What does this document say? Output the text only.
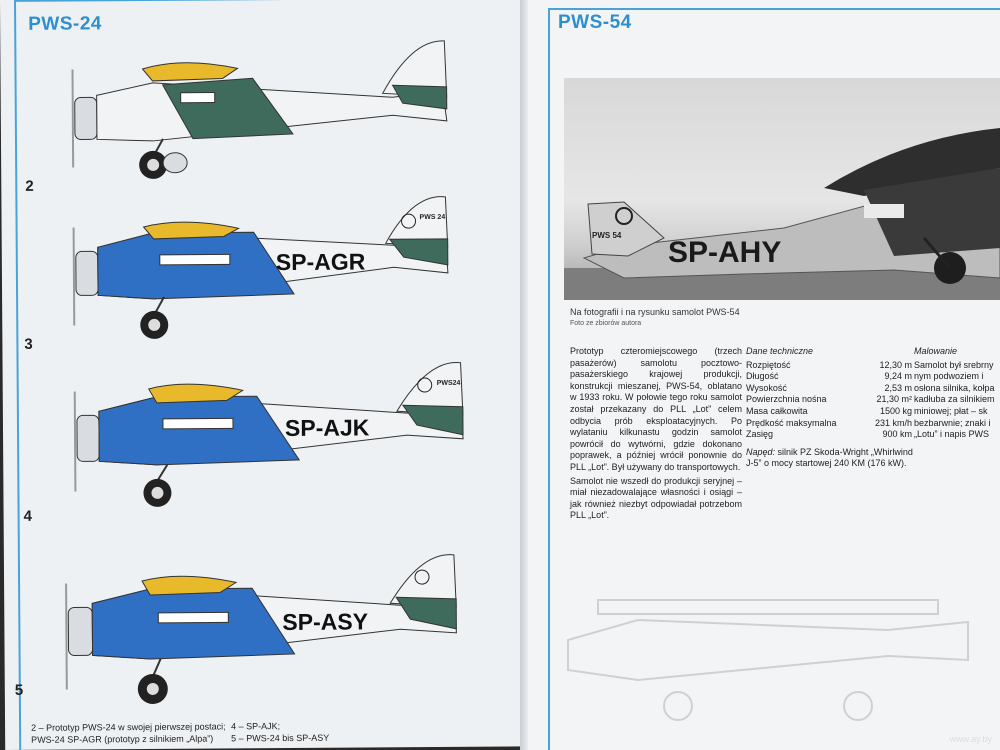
PWS-24
2
3
4
5
PWS 24
SP-AGR
PWS24
SP-AJK
SP-ASY
2 – Prototyp PWS-24 w swojej pierwszej postaci;
PWS-24 SP-AGR (prototyp z silnikiem „Alpa”)
4 – SP-AJK;
5 – PWS-24 bis SP-ASY
PWS-54
PWS 54
SP-AHY
Na fotografii i na rysunku samolot PWS-54
Foto ze zbiorów autora

Prototyp czteromiejscowego (trzech pasażerów) samolotu pocztowo-pasażerskiego krajowej produkcji, konstrukcji mieszanej, PWS-54, oblatano w 1933 roku. W połowie tego roku samolot został przekazany do PLL „Lot” celem odbycia prób eksploatacyjnych. Po wylataniu kilkunastu godzin samolot powrócił do wytwórni, gdzie dokonano poprawek, a później wrócił ponownie do PLL „Lot”. Był używany do transportowych.

Samolot nie wszedł do produkcji seryjnej – miał niezadowalające własności i osiągi – jak również niezbyt odpowiadał potrzebom PLL „Lot”.

Dane techniczne
Rozpiętość	12,30 m
Długość	9,24 m
Wysokość	2,53 m
Powierzchnia nośna	21,30 m²
Masa całkowita	1500 kg
Prędkość maksymalna	231 km/h
Zasięg	900 km
Napęd: silnik PZ Skoda-Wright „Whirlwind J-5” o mocy startowej 240 KM (176 kW).
Malowanie
Samolot był srebrny
nym podwoziem i
osłona silnika, kołpa
kadłuba za silnikiem
miniowej; płat – sk
bezbarwnie; znaki i
„Lotu” i napis PWS
www.ay.by
